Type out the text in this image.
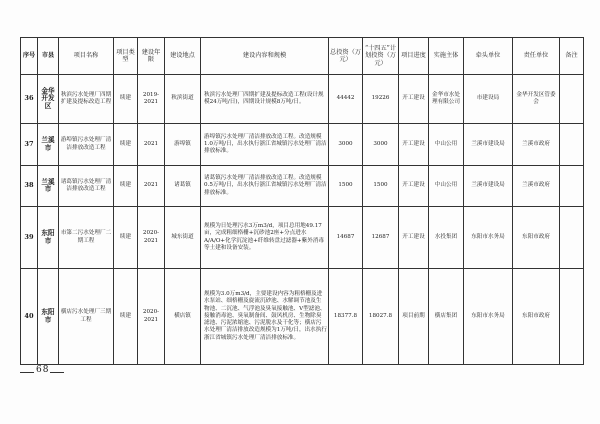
序号	市县	项目名称	项目类型	建设年限	建设地点	建设内容和规模	总投资（万元）	“十四五”计划投资（万元）	项目进度	实施主体	牵头单位	责任单位	备注
36	金华开发区	秋滨污水处理厂四期扩建及提标改造工程	续建	2019-2021	秋滨街道	秋滨污水处理厂四期扩建及提标改造工程(设计规模24万吨/日)，四期设计规模8万吨/日。	44442	19226	开工建设	金华市水处理有限公司	市建设局	金华开发区管委会	
37	兰溪市	游埠镇污水处理厂清洁排放改造工程	续建	2021	游埠镇	游埠镇污水处理厂清洁排放改造工程。改造规模1.0万吨/日，出水执行浙江省城镇污水处理厂清洁排放标准。	3000	3000	开工建设	中山公用	兰溪市建设局	兰溪市政府	
38	兰溪市	诸葛镇污水处理厂清洁排放改造工程	续建	2021	诸葛镇	诸葛镇污水处理厂清洁排放改造工程。改造规模0.5万吨/日，出水执行浙江省城镇污水处理厂清洁排放标准。	1500	1500	开工建设	中山公用	兰溪市建设局	兰溪市政府	
39	东阳市	市第二污水处理厂二期工程	续建	2020-2021	城东街道	规模为日处理污水3万m3/d，项目总用地49.17亩，完成粗细格栅+沉砂池2座+分点进水A/A/O+化学沉淀池+纤维转盘过滤器+紫外消毒等土建和设备安装。	14687	12687	开工建设	水投集团	东阳市水务局	东阳市政府	
40	东阳市	横店污水处理厂三期工程	续建	2020-2021	横店镇	规模为3.0万m3/d，主要建设内容为粗格栅及进水泵站、细格栅及旋流沉砂池、水解调节池及生物池、二沉池、气浮池及臭氧接触池、V型滤池、接触消毒池、臭氧制备间、鼓风机房、生物除臭滤池、污泥浓缩池、污泥脱水及干化等；横店污水处理厂清洁排放改造规模为1万吨/日，出水执行浙江省城镇污水处理厂清洁排放标准。	18377.8	18027.8	项目前期	横店集团	东阳市水务局	东阳市政府	
68
